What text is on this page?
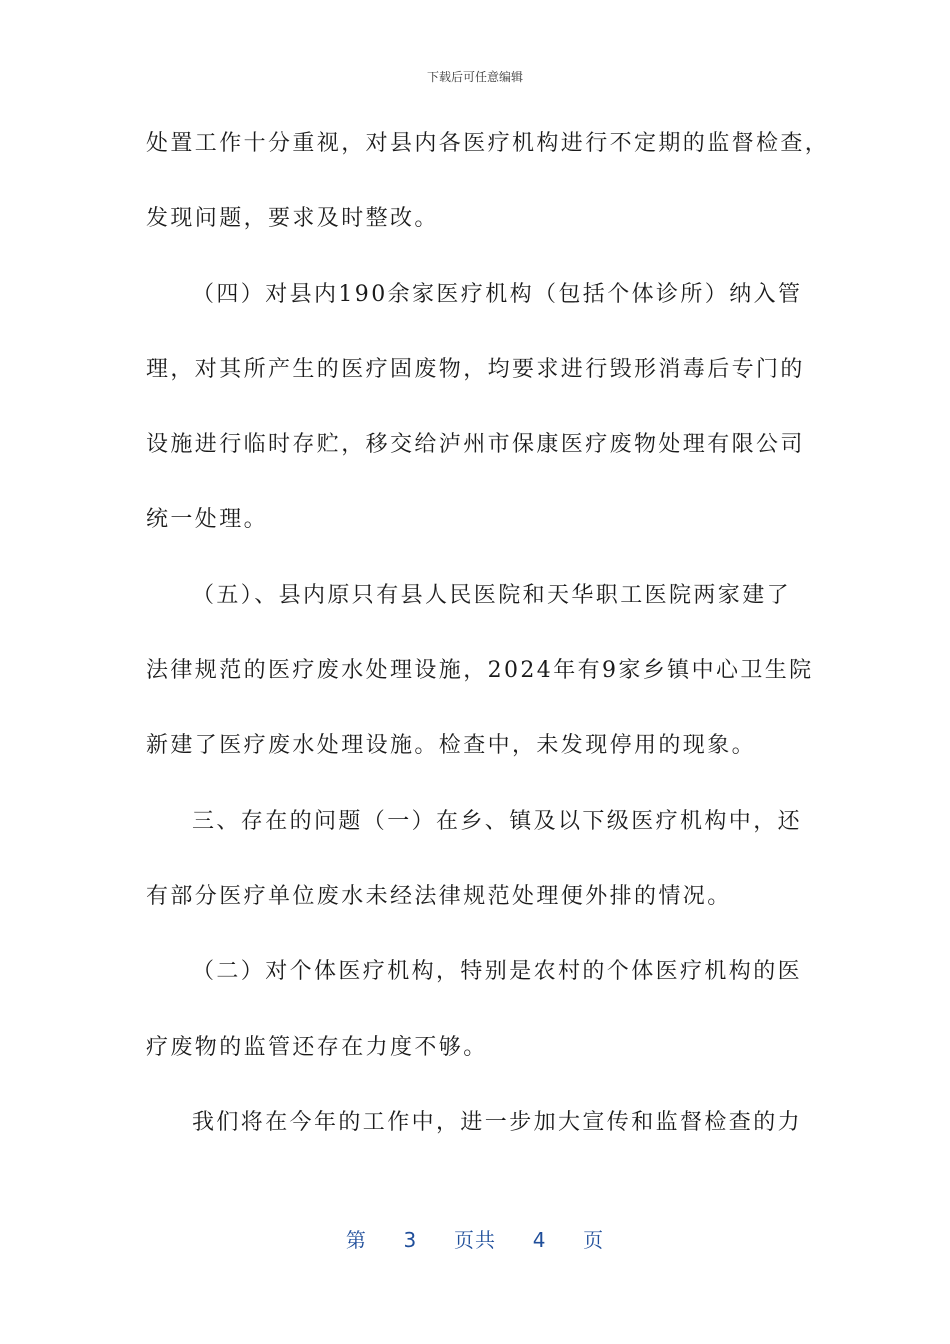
下载后可任意编辑
处置工作十分重视，对县内各医疗机构进行不定期的监督检查，
发现问题，要求及时整改。
（四）对县内190余家医疗机构（包括个体诊所）纳入管
理，对其所产生的医疗固废物，均要求进行毁形消毒后专门的
设施进行临时存贮，移交给泸州市保康医疗废物处理有限公司
统一处理。
（五）、县内原只有县人民医院和天华职工医院两家建了
法律规范的医疗废水处理设施，2024年有9家乡镇中心卫生院
新建了医疗废水处理设施。检查中，未发现停用的现象。
三、存在的问题（一）在乡、镇及以下级医疗机构中，还
有部分医疗单位废水未经法律规范处理便外排的情况。
（二）对个体医疗机构，特别是农村的个体医疗机构的医
疗废物的监管还存在力度不够。
我们将在今年的工作中，进一步加大宣传和监督检查的力
第 3 页共 4 页
